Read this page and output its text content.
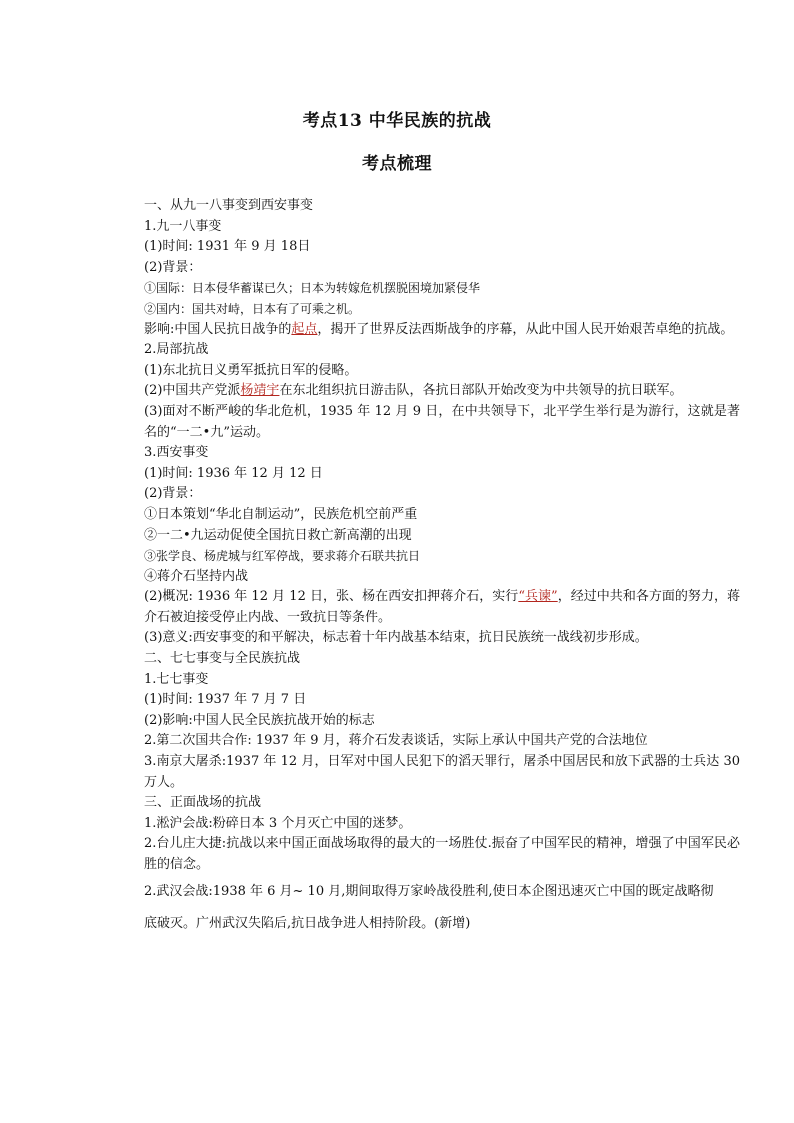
考点13 中华民族的抗战
考点梳理
一、从九一八事变到西安事变
1.九一八事变
(1)时间: 1931 年 9 月 18日
(2)背景：
①国际：日本侵华蓄谋已久；日本为转嫁危机摆脱困境加紧侵华
②国内：国共对峙，日本有了可乘之机。
影响:中国人民抗日战争的起点，揭开了世界反法西斯战争的序幕，从此中国人民开始艰苦卓绝的抗战。
2.局部抗战
(1)东北抗日义勇军抵抗日军的侵略。
(2)中国共产党派杨靖宇在东北组织抗日游击队，各抗日部队开始改变为中共领导的抗日联军。
(3)面对不断严峻的华北危机，1935 年 12 月 9 日，在中共领导下，北平学生举行是为游行，这就是著名的“一二•九”运动。
3.西安事变
(1)时间: 1936 年 12 月 12 日
(2)背景：
①日本策划“华北自制运动”，民族危机空前严重
②一二•九运动促使全国抗日救亡新高潮的出现
③张学良、杨虎城与红军停战，要求蒋介石联共抗日
④蒋介石坚持内战
(2)概况: 1936 年 12 月 12 日，张、杨在西安扣押蒋介石，实行“兵谏”，经过中共和各方面的努力，蒋介石被迫接受停止内战、一致抗日等条件。
(3)意义:西安事变的和平解决，标志着十年内战基本结束，抗日民族统一战线初步形成。
二、七七事变与全民族抗战
1.七七事变
(1)时间: 1937 年 7 月 7 日
(2)影响:中国人民全民族抗战开始的标志
2.第二次国共合作: 1937 年 9 月，蒋介石发表谈话，实际上承认中国共产党的合法地位
3.南京大屠杀:1937 年 12 月，日军对中国人民犯下的滔天罪行，屠杀中国居民和放下武器的士兵达 30 万人。
三、正面战场的抗战
1.淞沪会战:粉碎日本 3 个月灭亡中国的迷梦。
2.台儿庄大捷:抗战以来中国正面战场取得的最大的一场胜仗.振奋了中国军民的精神，增强了中国军民必胜的信念。
2.武汉会战:1938 年 6 月~ 10 月,期间取得万家岭战役胜利,使日本企图迅速灭亡中国的既定战略彻
底破灭。广州武汉失陷后,抗日战争进人相持阶段。(新增)
